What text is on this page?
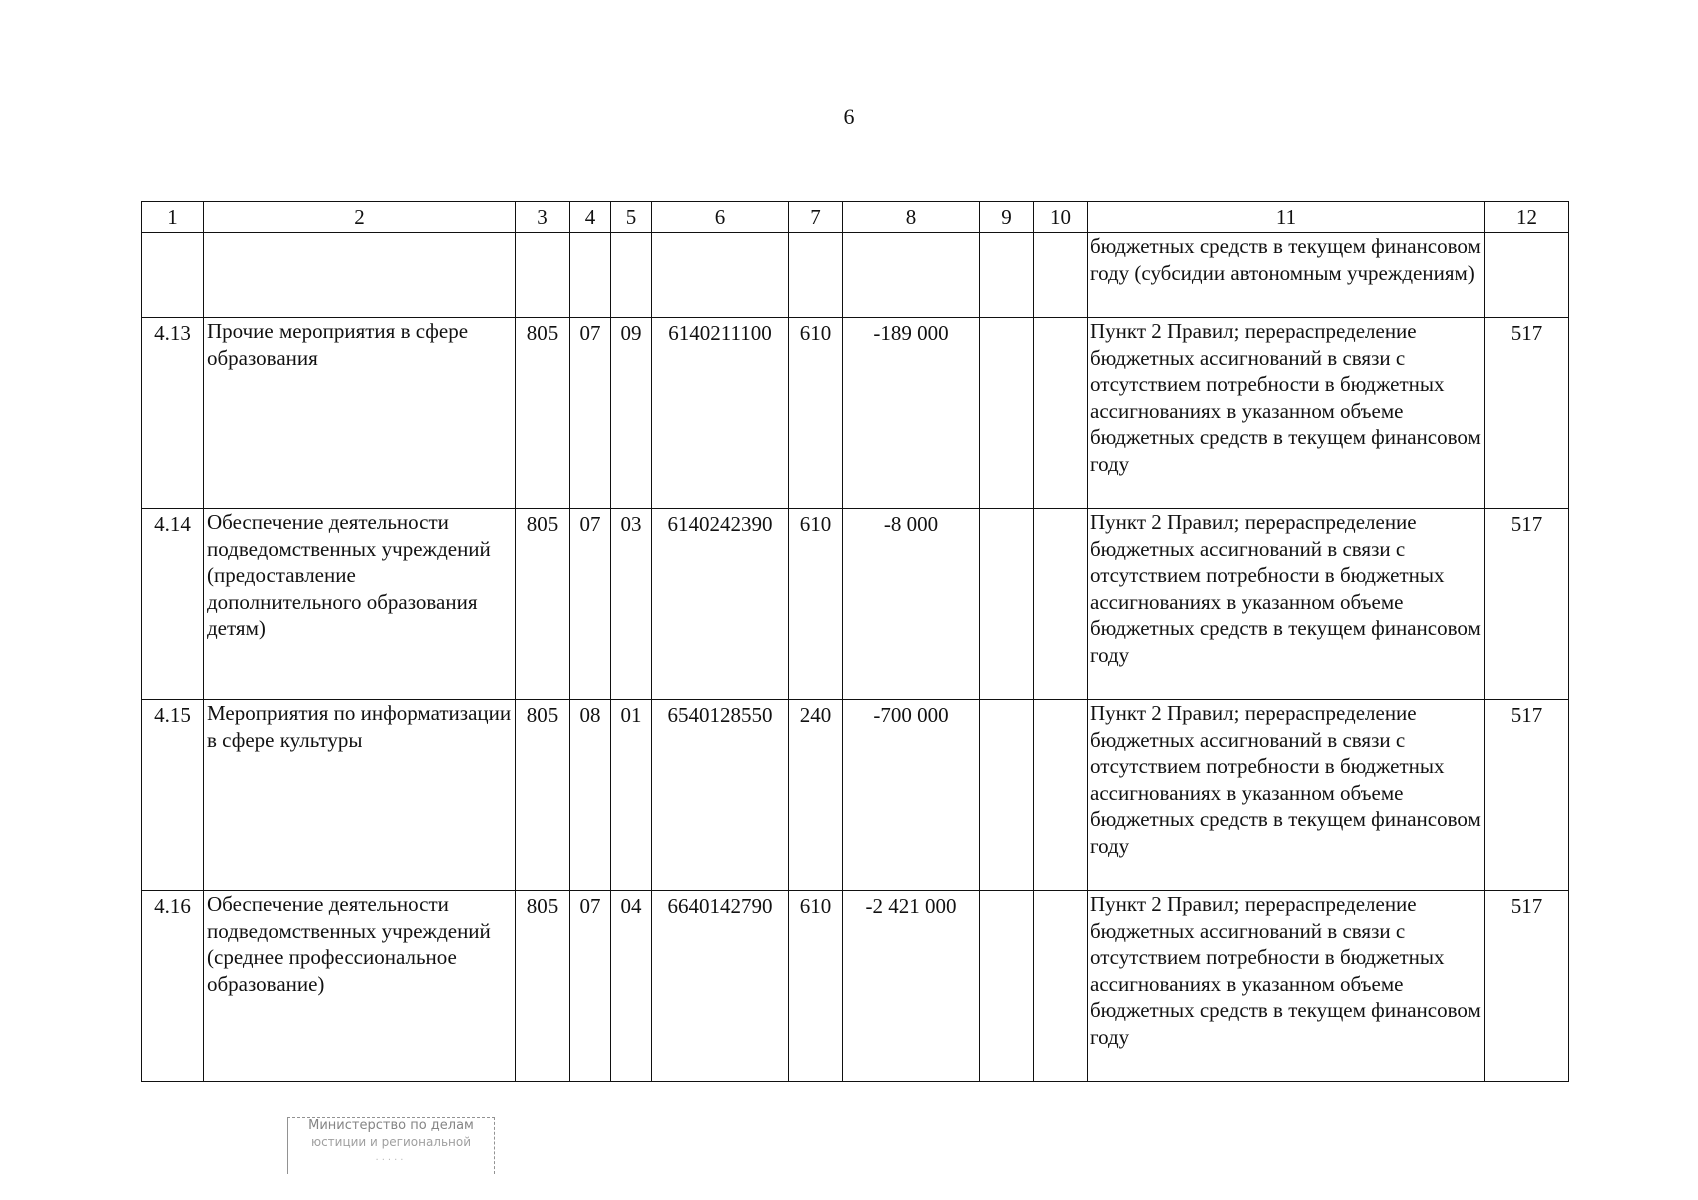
6
1	2	3	4	5	6	7	8	9	10	11	12
										бюджетных средств в текущем финансовом году (субсидии автономным учреждениям)	
4.13	Прочие мероприятия в сфере образования	805	07	09	6140211100	610	-189 000			Пункт 2 Правил; перераспределение бюджетных ассигнований в связи с отсутствием потребности в бюджетных ассигнованиях в указанном объеме бюджетных средств в текущем финансовом году	517
4.14	Обеспечение деятельности подведомственных учреждений (предоставление дополнительного образования детям)	805	07	03	6140242390	610	-8 000			Пункт 2 Правил; перераспределение бюджетных ассигнований в связи с отсутствием потребности в бюджетных ассигнованиях в указанном объеме бюджетных средств в текущем финансовом году	517
4.15	Мероприятия по информатизации в сфере культуры	805	08	01	6540128550	240	-700 000			Пункт 2 Правил; перераспределение бюджетных ассигнований в связи с отсутствием потребности в бюджетных ассигнованиях в указанном объеме бюджетных средств в текущем финансовом году	517
4.16	Обеспечение деятельности подведомственных учреждений (среднее профессиональное образование)	805	07	04	6640142790	610	-2 421 000			Пункт 2 Правил; перераспределение бюджетных ассигнований в связи с отсутствием потребности в бюджетных ассигнованиях в указанном объеме бюджетных средств в текущем финансовом году	517
Министерство по делам
юстиции и региональной
.....
